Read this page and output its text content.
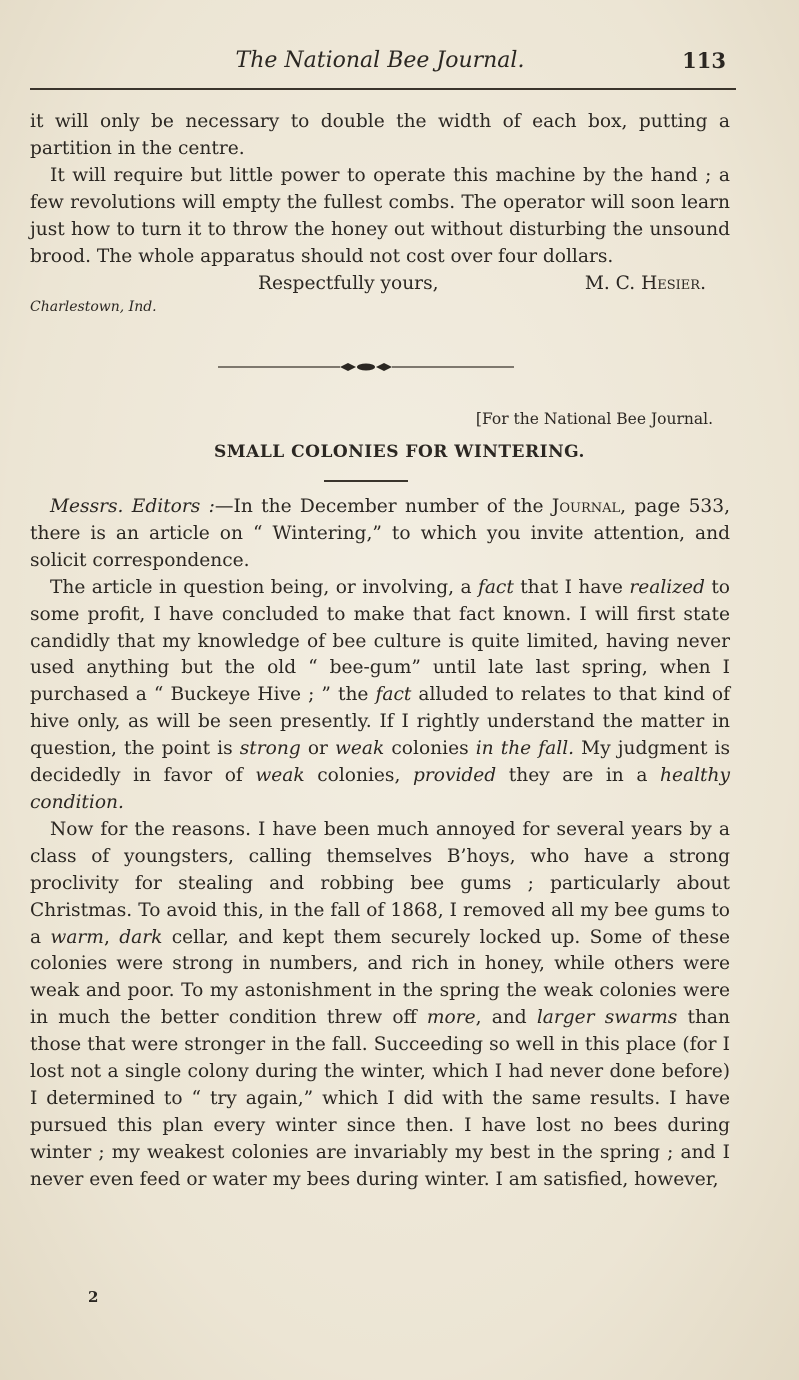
The National Bee Journal.	113

it will only be necessary to double the width of each box, putting a partition in the centre.

It will require but little power to operate this machine by the hand ; a few revolutions will empty the fullest combs. The operator will soon learn just how to turn it to throw the honey out without disturbing the unsound brood. The whole apparatus should not cost over four dollars.

Respectfully yours,	M. C. Hesier.

Charlestown, Ind.

[For the National Bee Journal.
SMALL COLONIES FOR WINTERING.

Messrs. Editors :—In the December number of the Journal, page 533, there is an article on “ Wintering,” to which you invite attention, and solicit correspondence.

The article in question being, or involving, a fact that I have realized to some profit, I have concluded to make that fact known. I will first state candidly that my knowledge of bee culture is quite limited, having never used anything but the old “ bee-gum” until late last spring, when I purchased a “ Buckeye Hive ; ” the fact alluded to relates to that kind of hive only, as will be seen presently. If I rightly understand the matter in question, the point is strong or weak colonies in the fall. My judgment is decidedly in favor of weak colonies, provided they are in a healthy condition.

Now for the reasons. I have been much annoyed for several years by a class of youngsters, calling themselves B’hoys, who have a strong proclivity for stealing and robbing bee gums ; particularly about Christmas. To avoid this, in the fall of 1868, I removed all my bee gums to a warm, dark cellar, and kept them securely locked up. Some of these colonies were strong in numbers, and rich in honey, while others were weak and poor. To my astonishment in the spring the weak colonies were in much the better condition threw off more, and larger swarms than those that were stronger in the fall. Succeeding so well in this place (for I lost not a single colony during the winter, which I had never done before) I determined to “ try again,” which I did with the same results. I have pursued this plan every winter since then. I have lost no bees during winter ; my weakest colonies are invariably my best in the spring ; and I never even feed or water my bees during winter. I am satisfied, however,

2
